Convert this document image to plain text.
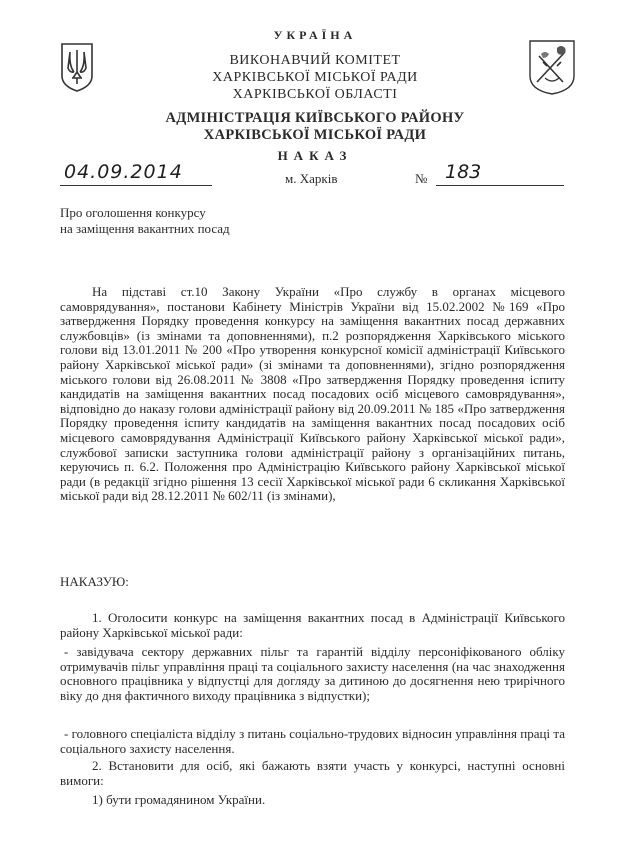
УКРАЇНА
ВИКОНАВЧИЙ КОМІТЕТ
ХАРКІВСЬКОЇ МІСЬКОЇ РАДИ
ХАРКІВСЬКОЇ ОБЛАСТІ
АДМІНІСТРАЦІЯ КИЇВСЬКОГО РАЙОНУ
ХАРКІВСЬКОЇ МІСЬКОЇ РАДИ
НАКАЗ
04.09.2014	м. Харків	№ 183
Про оголошення конкурсу
на заміщення вакантних посад
На підставі ст.10 Закону України «Про службу в органах місцевого самоврядування», постанови Кабінету Міністрів України від 15.02.2002 №169 «Про затвердження Порядку проведення конкурсу на заміщення вакантних посад державних службовців» (із змінами та доповненнями), п.2 розпорядження Харківського міського голови від 13.01.2011 № 200 «Про утворення конкурсної комісії адміністрації Київського району Харківської міської ради» (зі змінами та доповненнями), згідно розпорядження міського голови від 26.08.2011 № 3808 «Про затвердження Порядку проведення іспиту кандидатів на заміщення вакантних посад посадових осіб місцевого самоврядування», відповідно до наказу голови адміністрації району від 20.09.2011 № 185 «Про затвердження Порядку проведення іспиту кандидатів на заміщення вакантних посад посадових осіб місцевого самоврядування Адміністрації Київського району Харківської міської ради», службової записки заступника голови адміністрації району з організаційних питань, керуючись п. 6.2. Положення про Адміністрацію Київського району Харківської міської ради (в редакції згідно рішення 13 сесії Харківської міської ради 6 скликання Харківської міської ради від 28.12.2011 № 602/11 (із змінами),
НАКАЗУЮ:
1. Оголосити конкурс на заміщення вакантних посад в Адміністрації Київського району Харківської міської ради:
- завідувача сектору державних пільг та гарантій відділу персоніфікованого обліку отримувачів пільг управління праці та соціального захисту населення (на час знаходження основного працівника у відпустці для догляду за дитиною до досягнення нею трирічного віку до дня фактичного виходу працівника з відпустки);
- головного спеціаліста відділу з питань соціально-трудових відносин управління праці та соціального захисту населення.
2. Встановити для осіб, які бажають взяти участь у конкурсі, наступні основні вимоги:
1) бути громадянином України.
